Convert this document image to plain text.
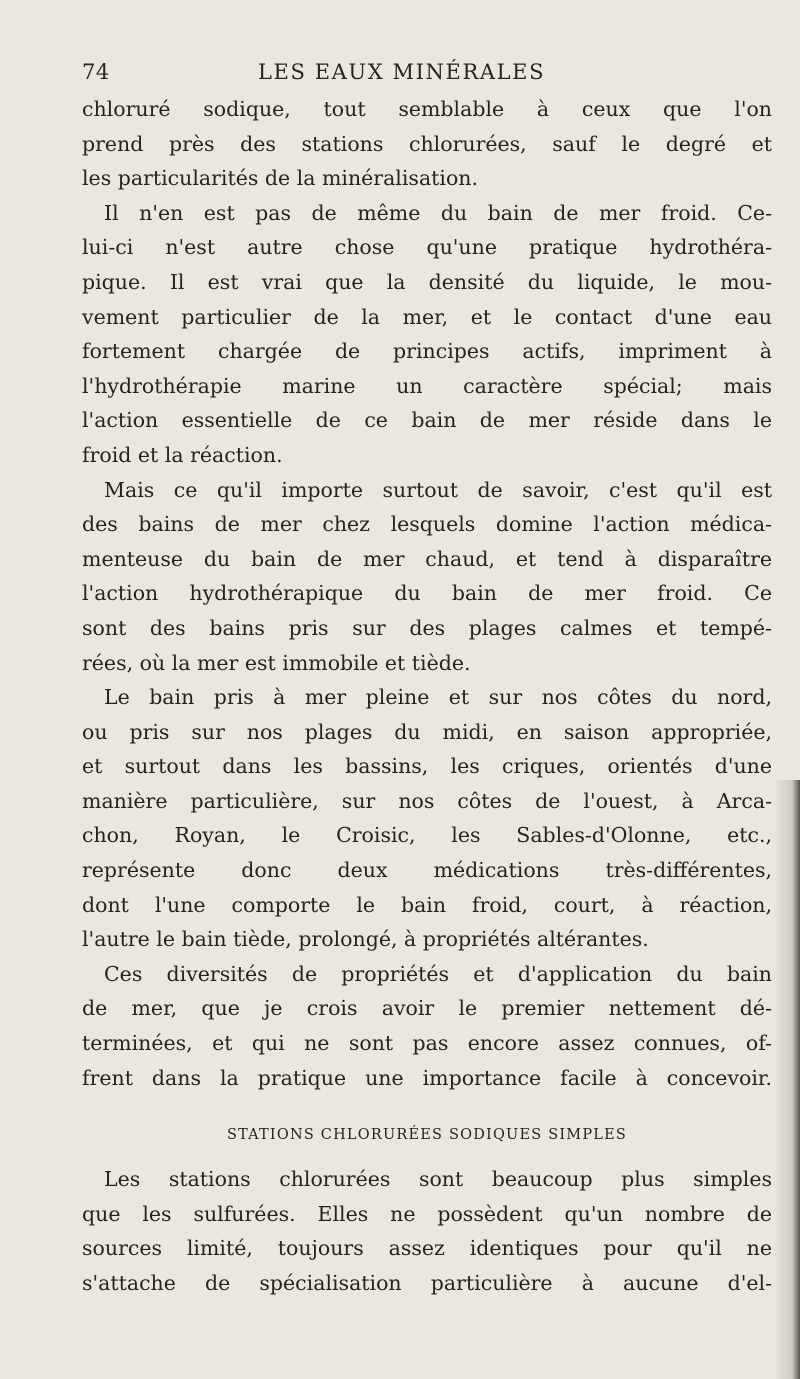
74	LES EAUX MINÉRALES
chloruré sodique, tout semblable à ceux que l'on
prend près des stations chlorurées, sauf le degré et
les particularités de la minéralisation.
Il n'en est pas de même du bain de mer froid. Ce-
lui-ci n'est autre chose qu'une pratique hydrothéra-
pique. Il est vrai que la densité du liquide, le mou-
vement particulier de la mer, et le contact d'une eau
fortement chargée de principes actifs, impriment à
l'hydrothérapie marine un caractère spécial; mais
l'action essentielle de ce bain de mer réside dans le
froid et la réaction.
Mais ce qu'il importe surtout de savoir, c'est qu'il est
des bains de mer chez lesquels domine l'action médica-
menteuse du bain de mer chaud, et tend à disparaître
l'action hydrothérapique du bain de mer froid. Ce
sont des bains pris sur des plages calmes et tempé-
rées, où la mer est immobile et tiède.
Le bain pris à mer pleine et sur nos côtes du nord,
ou pris sur nos plages du midi, en saison appropriée,
et surtout dans les bassins, les criques, orientés d'une
manière particulière, sur nos côtes de l'ouest, à Arca-
chon, Royan, le Croisic, les Sables-d'Olonne, etc.,
représente donc deux médications très-différentes,
dont l'une comporte le bain froid, court, à réaction,
l'autre le bain tiède, prolongé, à propriétés altérantes.
Ces diversités de propriétés et d'application du bain
de mer, que je crois avoir le premier nettement dé-
terminées, et qui ne sont pas encore assez connues, of-
frent dans la pratique une importance facile à concevoir.
STATIONS CHLORURÉES SODIQUES SIMPLES
Les stations chlorurées sont beaucoup plus simples
que les sulfurées. Elles ne possèdent qu'un nombre de
sources limité, toujours assez identiques pour qu'il ne
s'attache de spécialisation particulière à aucune d'el-
